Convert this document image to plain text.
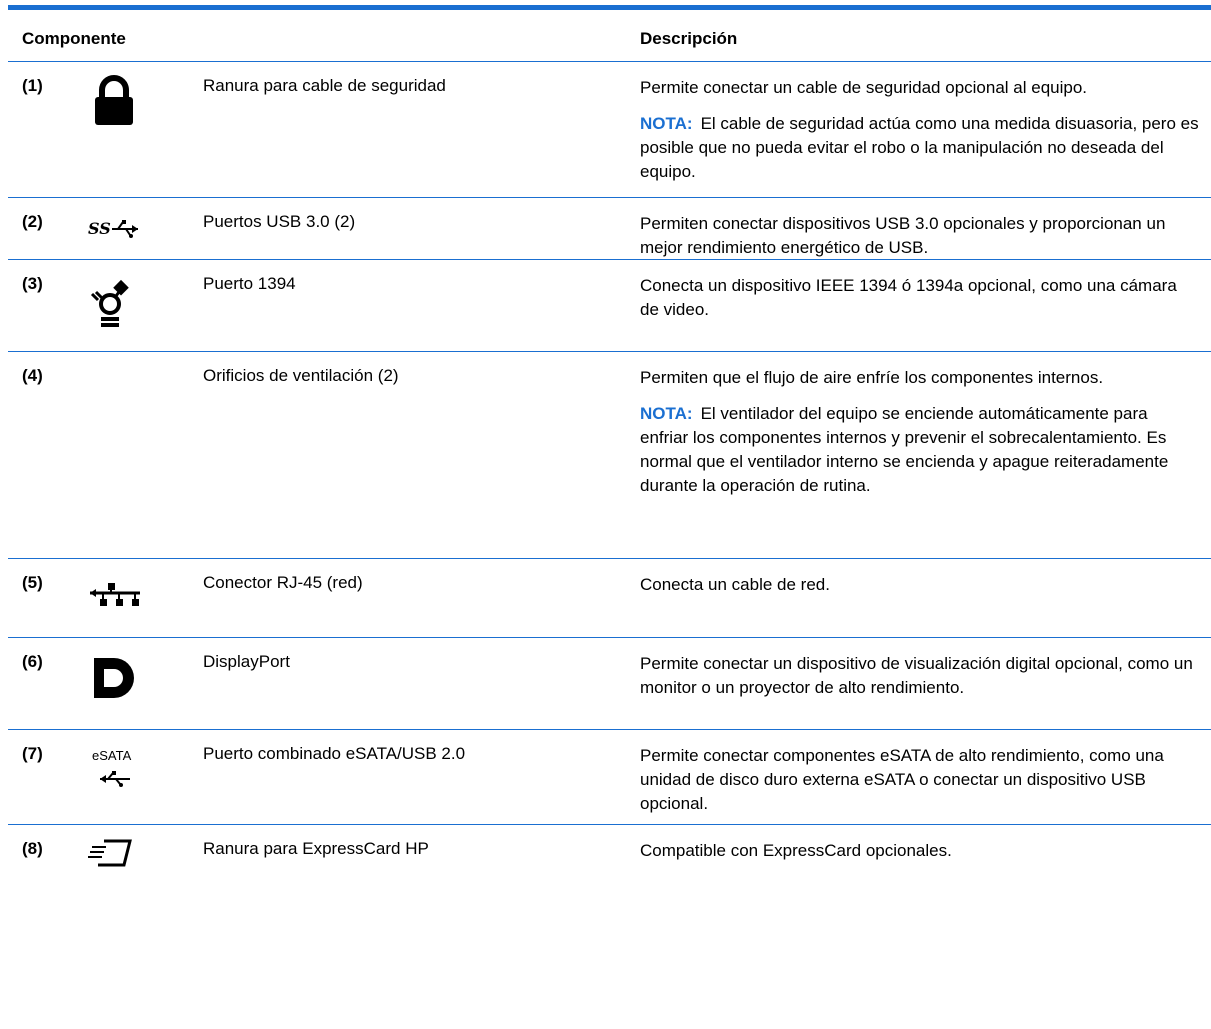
Componente	Descripción
(1)	Ranura para cable de seguridad	Permite conectar un cable de seguridad opcional al equipo.

NOTA: El cable de seguridad actúa como una medida disuasoria, pero es posible que no pueda evitar el robo o la manipulación no deseada del equipo.

(2)	SS	Puertos USB 3.0 (2)	Permiten conectar dispositivos USB 3.0 opcionales y proporcionan un mejor rendimiento energético de USB.

(3)	Puerto 1394	Conecta un dispositivo IEEE 1394 ó 1394a opcional, como una cámara de video.

(4)	Orificios de ventilación (2)	Permiten que el flujo de aire enfríe los componentes internos.

NOTA: El ventilador del equipo se enciende automáticamente para enfriar los componentes internos y prevenir el sobrecalentamiento. Es normal que el ventilador interno se encienda y apague reiteradamente durante la operación de rutina.

(5)	Conector RJ-45 (red)	Conecta un cable de red.

(6)	DisplayPort	Permite conectar un dispositivo de visualización digital opcional, como un monitor o un proyector de alto rendimiento.

(7)	eSATA	Puerto combinado eSATA/USB 2.0	Permite conectar componentes eSATA de alto rendimiento, como una unidad de disco duro externa eSATA o conectar un dispositivo USB opcional.

(8)	Ranura para ExpressCard HP	Compatible con ExpressCard opcionales.
